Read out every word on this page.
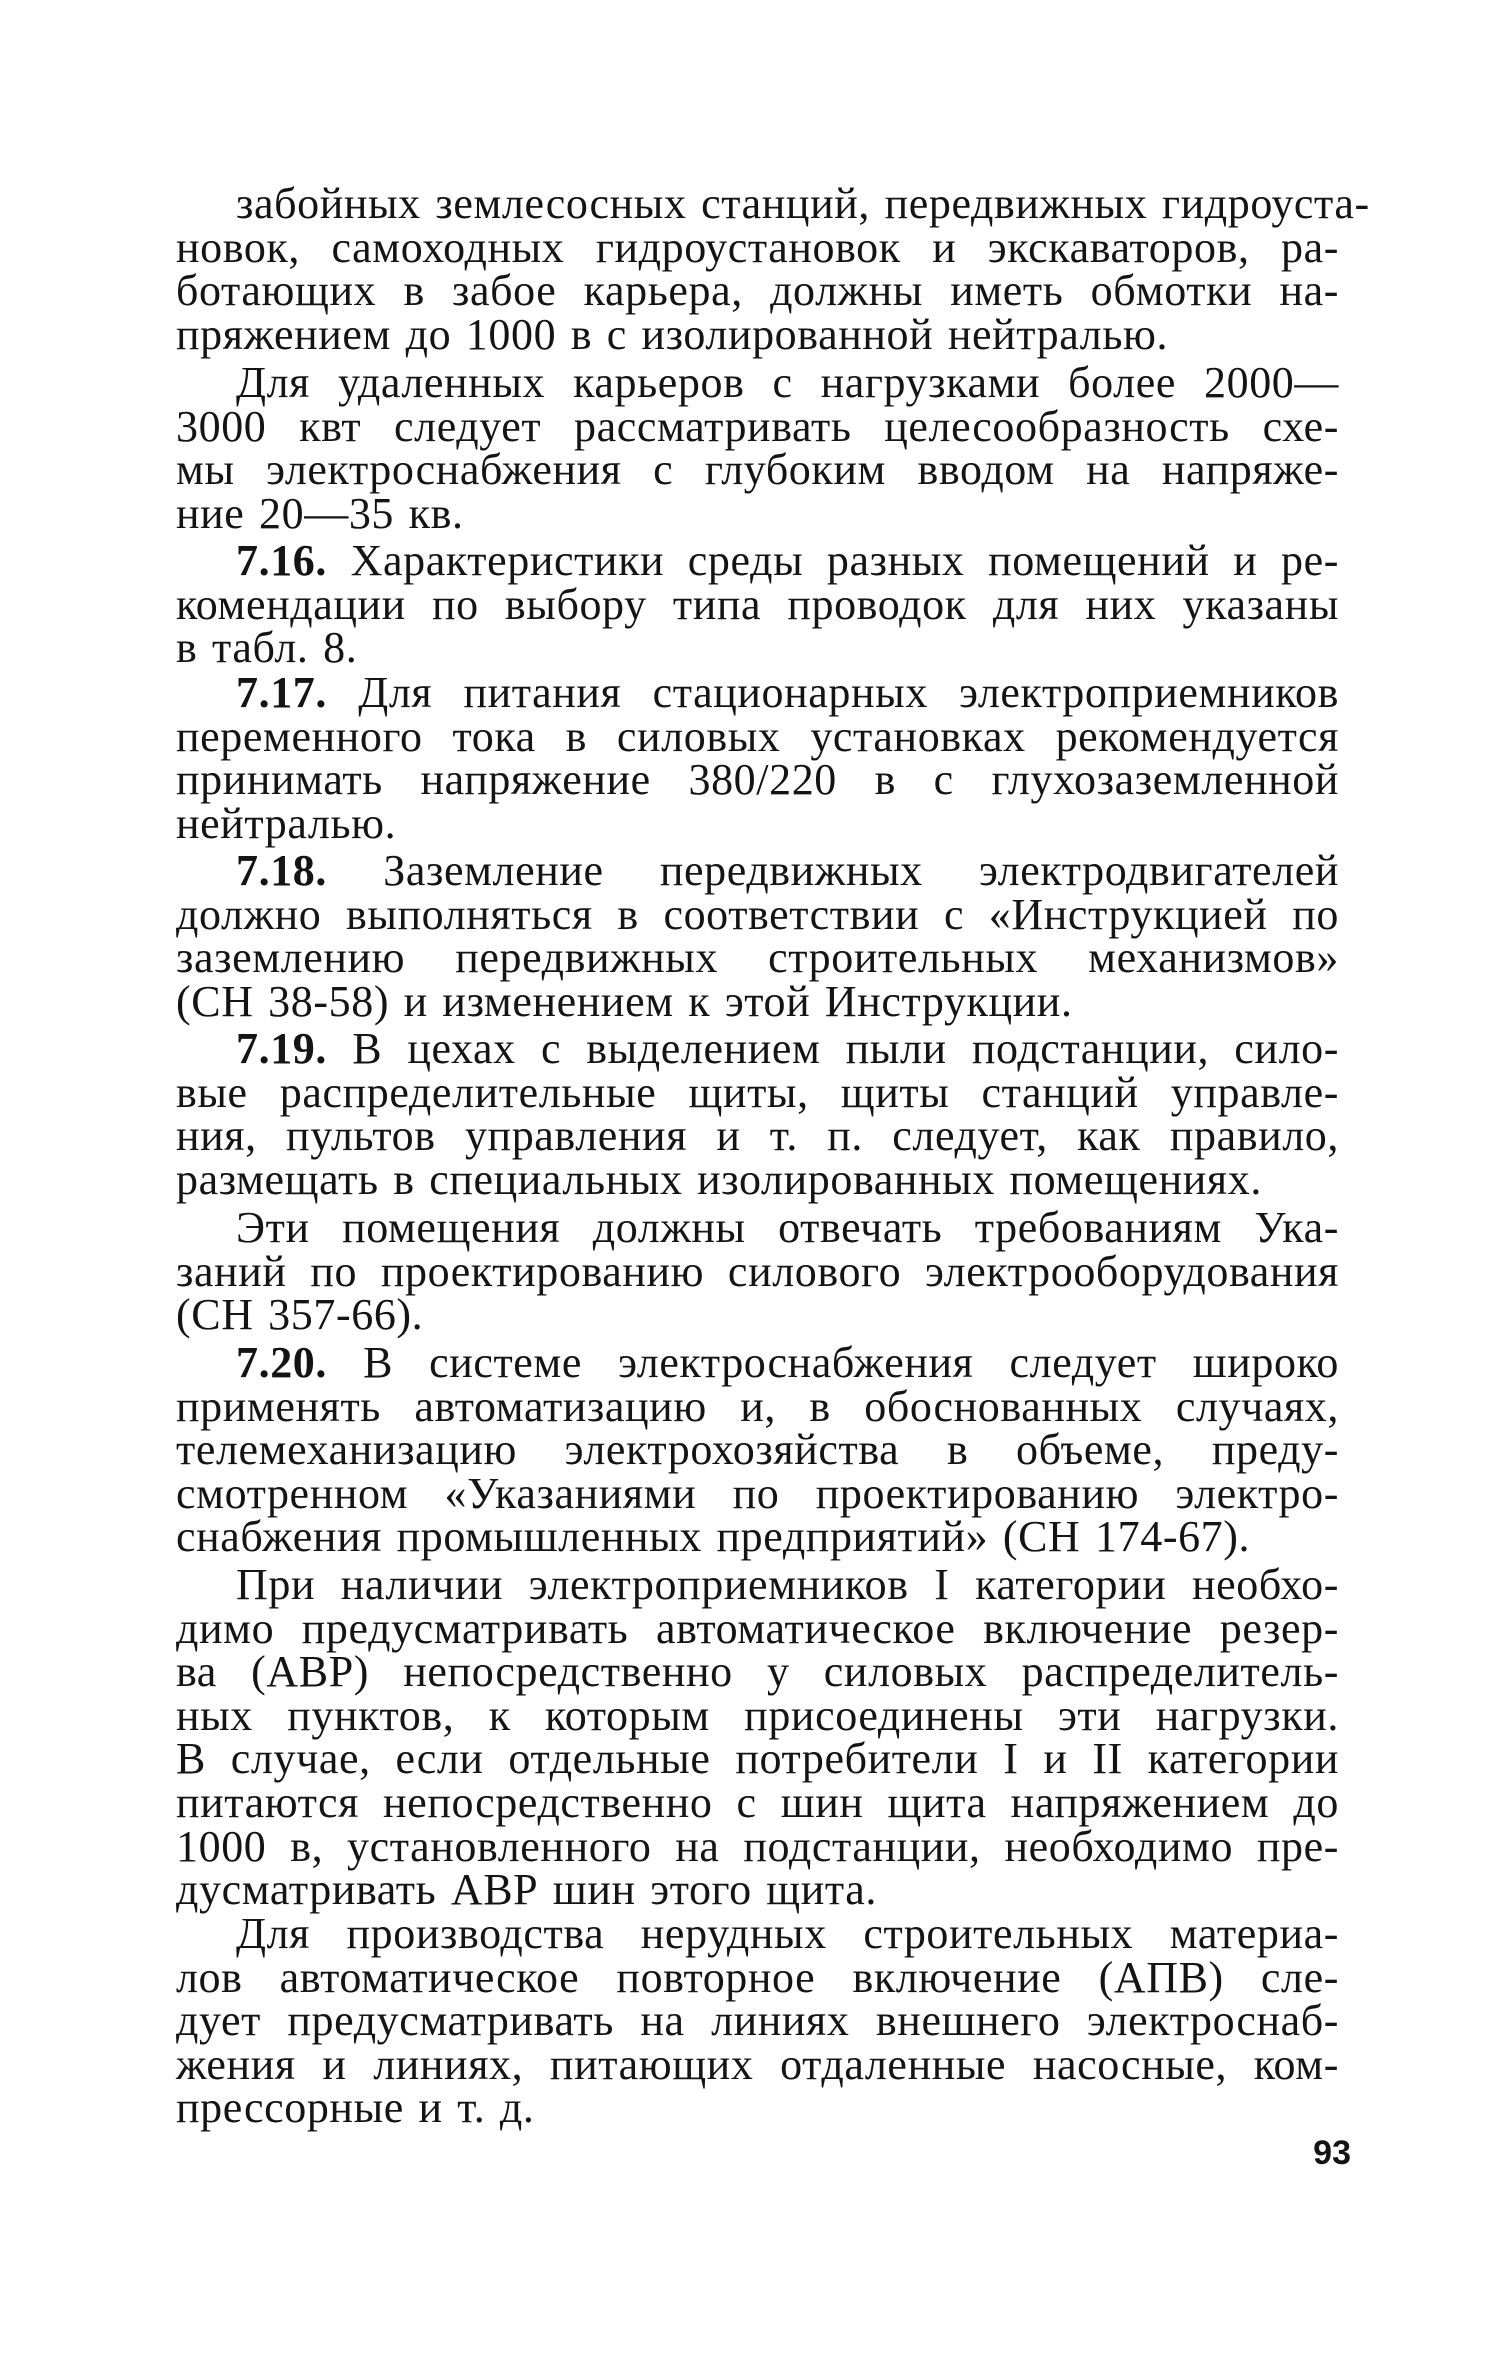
забойных землесосных станций, передвижных гидроуста-
новок, самоходных гидроустановок и экскаваторов, ра-
ботающих в забое карьера, должны иметь обмотки на-
пряжением до 1000 в с изолированной нейтралью.
Для удаленных карьеров с нагрузками более 2000—
3000 квт следует рассматривать целесообразность схе-
мы электроснабжения с глубоким вводом на напряже-
ние 20—35 кв.
7.16. Характеристики среды разных помещений и ре-
комендации по выбору типа проводок для них указаны
в табл. 8.
7.17. Для питания стационарных электроприемников
переменного тока в силовых установках рекомендуется
принимать напряжение 380/220 в с глухозаземленной
нейтралью.
7.18. Заземление передвижных электродвигателей
должно выполняться в соответствии с «Инструкцией по
заземлению передвижных строительных механизмов»
(СН 38-58) и изменением к этой Инструкции.
7.19. В цехах с выделением пыли подстанции, сило-
вые распределительные щиты, щиты станций управле-
ния, пультов управления и т. п. следует, как правило,
размещать в специальных изолированных помещениях.
Эти помещения должны отвечать требованиям Ука-
заний по проектированию силового электрооборудования
(СН 357-66).
7.20. В системе электроснабжения следует широко
применять автоматизацию и, в обоснованных случаях,
телемеханизацию электрохозяйства в объеме, преду-
смотренном «Указаниями по проектированию электро-
снабжения промышленных предприятий» (СН 174-67).
При наличии электроприемников I категории необхо-
димо предусматривать автоматическое включение резер-
ва (АВР) непосредственно у силовых распределитель-
ных пунктов, к которым присоединены эти нагрузки.
В случае, если отдельные потребители I и II категории
питаются непосредственно с шин щита напряжением до
1000 в, установленного на подстанции, необходимо пре-
дусматривать АВР шин этого щита.
Для производства нерудных строительных материа-
лов автоматическое повторное включение (АПВ) сле-
дует предусматривать на линиях внешнего электроснаб-
жения и линиях, питающих отдаленные насосные, ком-
прессорные и т. д.
93
